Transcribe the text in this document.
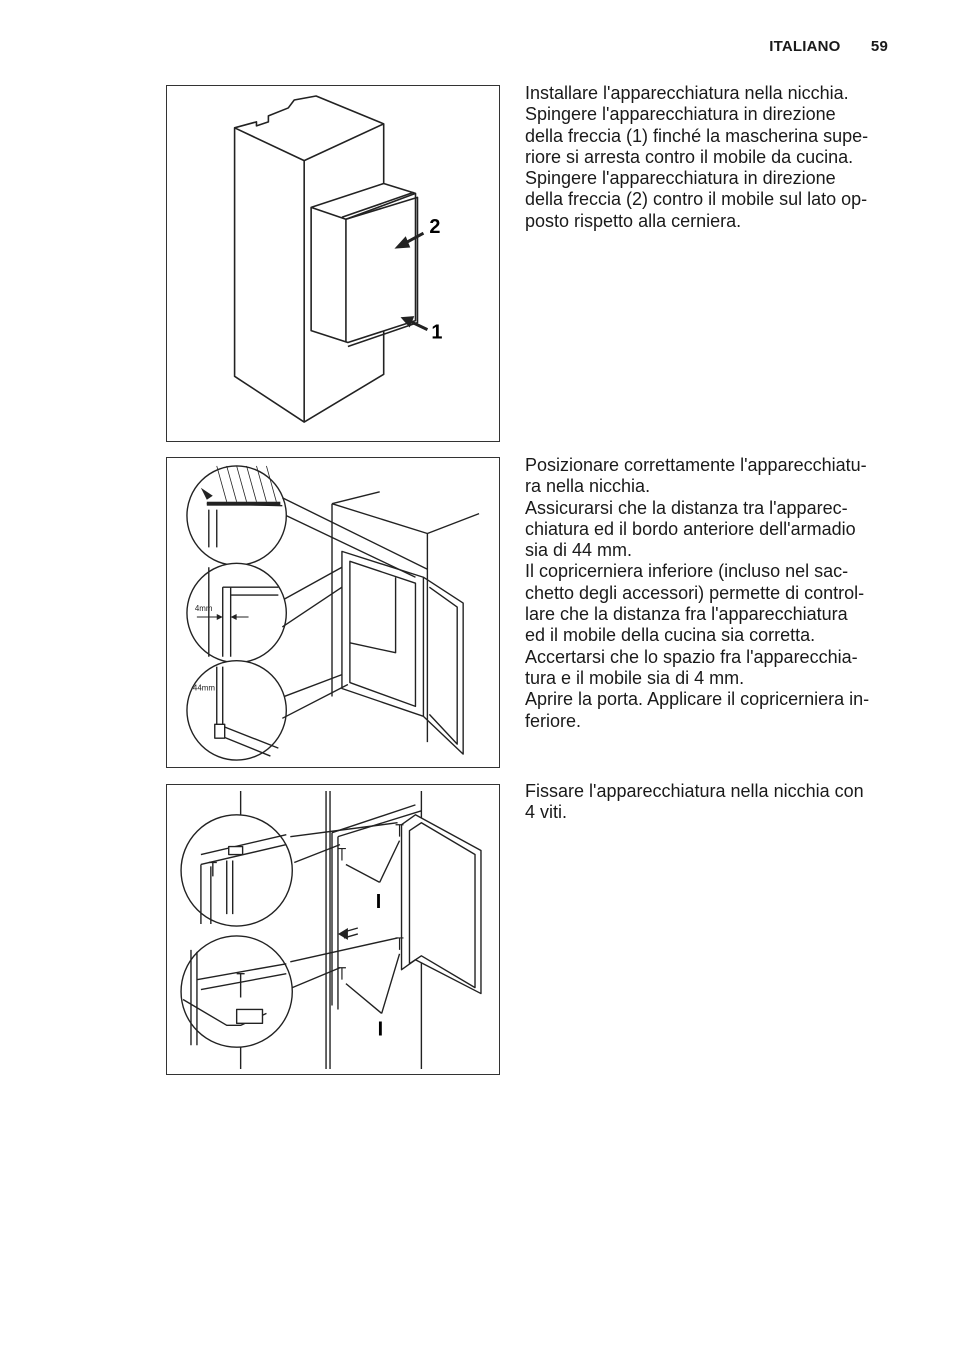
ITALIANO 59
2
1

Installare l'apparecchiatura nella nicchia.

Spingere l'apparecchiatura in direzione

della freccia (1) finché la mascherina supe-

riore si arresta contro il mobile da cucina.

Spingere l'apparecchiatura in direzione

della freccia (2) contro il mobile sul lato op-

posto rispetto alla cerniera.

4mm
44mm

Posizionare correttamente l'apparecchiatu-

ra nella nicchia.

Assicurarsi che la distanza tra l'apparec-

chiatura ed il bordo anteriore dell'armadio

sia di 44 mm.

Il copricerniera inferiore (incluso nel sac-

chetto degli accessori) permette di control-

lare che la distanza fra l'apparecchiatura

ed il mobile della cucina sia corretta.

Accertarsi che lo spazio fra l'apparecchia-

tura e il mobile sia di 4 mm.

Aprire la porta. Applicare il copricerniera in-

feriore.

I
I

Fissare l'apparecchiatura nella nicchia con

4 viti.
